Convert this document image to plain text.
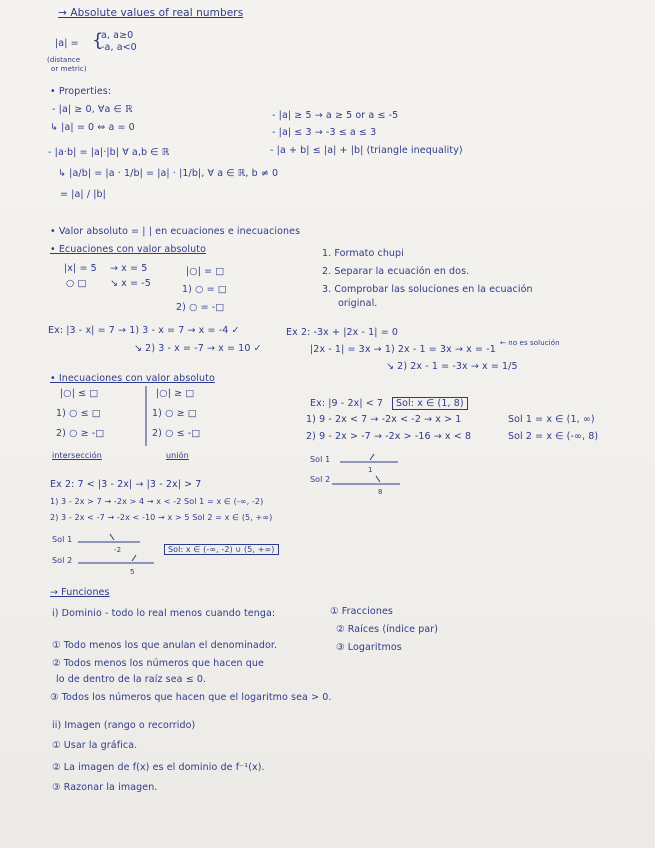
→ Absolute values of real numbers
|a| = {
a, a≥0
-a, a<0
(distance
or metric)
• Properties:
- |a| ≥ 0, ∀a ∈ ℝ
↳ |a| = 0 ⇔ a = 0
- |a·b| = |a|·|b| ∀ a,b ∈ ℝ
↳ |a/b| = |a · 1/b| = |a| · |1/b|, ∀ a ∈ ℝ, b ≠ 0
= |a| / |b|
- |a| ≥ 5 → a ≥ 5 or a ≤ -5
- |a| ≤ 3 → -3 ≤ a ≤ 3
- |a + b| ≤ |a| + |b| (triangle inequality)
• Valor absoluto = | | en ecuaciones e inecuaciones
• Ecuaciones con valor absoluto
|x| = 5 → x = 5
↘ x = -5
○ □
|○| = □
1) ○ = □
2) ○ = -□
1. Formato chupi
2. Separar la ecuación en dos.
3. Comprobar las soluciones en la ecuación
original.
Ex: |3 - x| = 7 → 1) 3 - x = 7 → x = -4 ✓
↘ 2) 3 - x = -7 → x = 10 ✓
Ex 2: -3x + |2x - 1| = 0
|2x - 1| = 3x → 1) 2x - 1 = 3x → x = -1
← no es solución
↘ 2) 2x - 1 = -3x → x = 1/5
• Inecuaciones con valor absoluto
|○| ≤ □
1) ○ ≤ □
2) ○ ≥ -□
intersección
|○| ≥ □
1) ○ ≥ □
2) ○ ≤ -□
unión
Ex: |9 - 2x| < 7	Sol: x ∈ (1, 8)
1) 9 - 2x < 7 → -2x < -2 → x > 1	Sol 1 = x ∈ (1, ∞)
2) 9 - 2x > -7 → -2x > -16 → x < 8	Sol 2 = x ∈ (-∞, 8)
Sol 1
Sol 2
1
8
Ex 2: 7 < |3 - 2x| → |3 - 2x| > 7
1) 3 - 2x > 7 → -2x > 4 → x < -2 Sol 1 = x ∈ (-∞, -2)
2) 3 - 2x < -7 → -2x < -10 → x > 5 Sol 2 = x ∈ (5, +∞)
Sol 1
Sol 2
-2
5
Sol: x ∈ (-∞, -2) ∪ (5, +∞)
→ Funciones
i) Dominio - todo lo real menos cuando tenga:	① Fracciones
② Raíces (índice par)
③ Logaritmos
① Todo menos los que anulan el denominador.
② Todos menos los números que hacen que
lo de dentro de la raíz sea ≤ 0.
③ Todos los números que hacen que el logaritmo sea > 0.
ii) Imagen (rango o recorrido)
① Usar la gráfica.
② La imagen de f(x) es el dominio de f⁻¹(x).
③ Razonar la imagen.
